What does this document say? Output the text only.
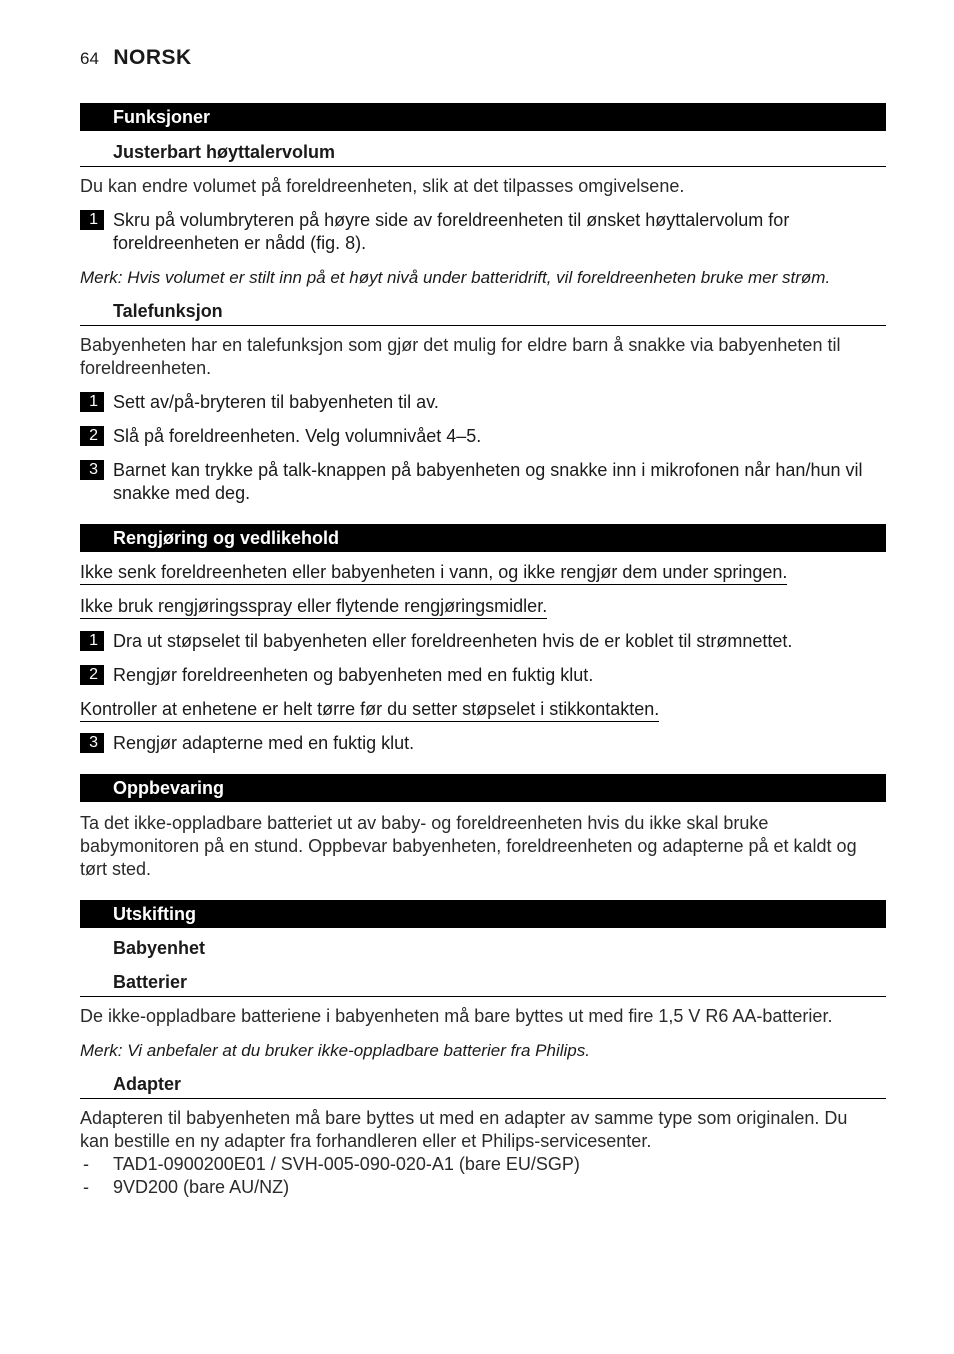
64 NORSK
Funksjoner
Justerbart høyttalervolum
Du kan endre volumet på foreldreenheten, slik at det tilpasses omgivelsene.
1 Skru på volumbryteren på høyre side av foreldreenheten til ønsket høyttalervolum for foreldreenheten er nådd (fig. 8).
Merk: Hvis volumet er stilt inn på et høyt nivå under batteridrift, vil foreldreenheten bruke mer strøm.
Talefunksjon
Babyenheten har en talefunksjon som gjør det mulig for eldre barn å snakke via babyenheten til foreldreenheten.
1 Sett av/på-bryteren til babyenheten til av.
2 Slå på foreldreenheten. Velg volumnivået 4–5.
3 Barnet kan trykke på talk-knappen på babyenheten og snakke inn i mikrofonen når han/hun vil snakke med deg.
Rengjøring og vedlikehold
Ikke senk foreldreenheten eller babyenheten i vann, og ikke rengjør dem under springen.
Ikke bruk rengjøringsspray eller flytende rengjøringsmidler.
1 Dra ut støpselet til babyenheten eller foreldreenheten hvis de er koblet til strømnettet.
2 Rengjør foreldreenheten og babyenheten med en fuktig klut.
Kontroller at enhetene er helt tørre før du setter støpselet i stikkontakten.
3 Rengjør adapterne med en fuktig klut.
Oppbevaring
Ta det ikke-oppladbare batteriet ut av baby- og foreldreenheten hvis du ikke skal bruke babymonitoren på en stund. Oppbevar babyenheten, foreldreenheten og adapterne på et kaldt og tørt sted.
Utskifting
Babyenhet
Batterier
De ikke-oppladbare batteriene i babyenheten må bare byttes ut med fire 1,5 V R6 AA-batterier.
Merk: Vi anbefaler at du bruker ikke-oppladbare batterier fra Philips.
Adapter
Adapteren til babyenheten må bare byttes ut med en adapter av samme type som originalen. Du kan bestille en ny adapter fra forhandleren eller et Philips-servicesenter.
- TAD1-0900200E01 / SVH-005-090-020-A1 (bare EU/SGP)
- 9VD200 (bare AU/NZ)
